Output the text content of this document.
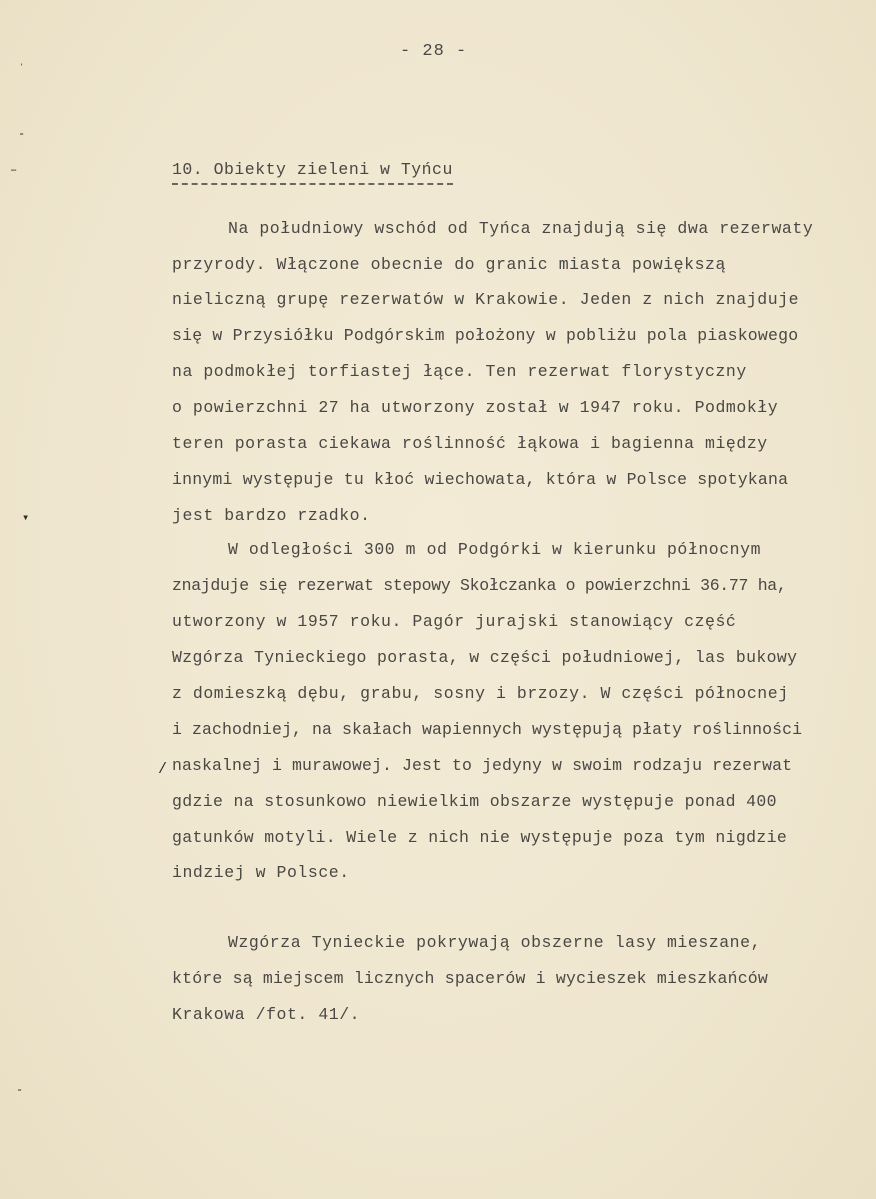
ˌ
-
–
▾
/
‐
- 28 -
10. Obiekty zieleni w Tyńcu
Na południowy wschód od Tyńca znajdują się dwa rezerwaty
przyrody. Włączone obecnie do granic miasta powiększą
nieliczną grupę rezerwatów w Krakowie. Jeden z nich znajduje
się w Przysiółku Podgórskim położony w pobliżu pola piaskowego
na podmokłej torfiastej łące. Ten rezerwat florystyczny
o powierzchni 27 ha utworzony został w 1947 roku. Podmokły
teren porasta ciekawa roślinność łąkowa i bagienna między
innymi występuje tu kłoć wiechowata, która w Polsce spotykana
jest bardzo rzadko.
W odległości 300 m od Podgórki w kierunku północnym
znajduje się rezerwat stepowy Skołczanka o powierzchni 36.77 ha,
utworzony w 1957 roku. Pagór jurajski stanowiący część
Wzgórza Tynieckiego porasta, w części południowej, las bukowy
z domieszką dębu, grabu, sosny i brzozy. W części północnej
i zachodniej, na skałach wapiennych występują płaty roślinności
naskalnej i murawowej. Jest to jedyny w swoim rodzaju rezerwat
gdzie na stosunkowo niewielkim obszarze występuje ponad 400
gatunków motyli. Wiele z nich nie występuje poza tym nigdzie
indziej w Polsce.
Wzgórza Tynieckie pokrywają obszerne lasy mieszane,
które są miejscem licznych spacerów i wycieszek mieszkańców
Krakowa /fot. 41/.
